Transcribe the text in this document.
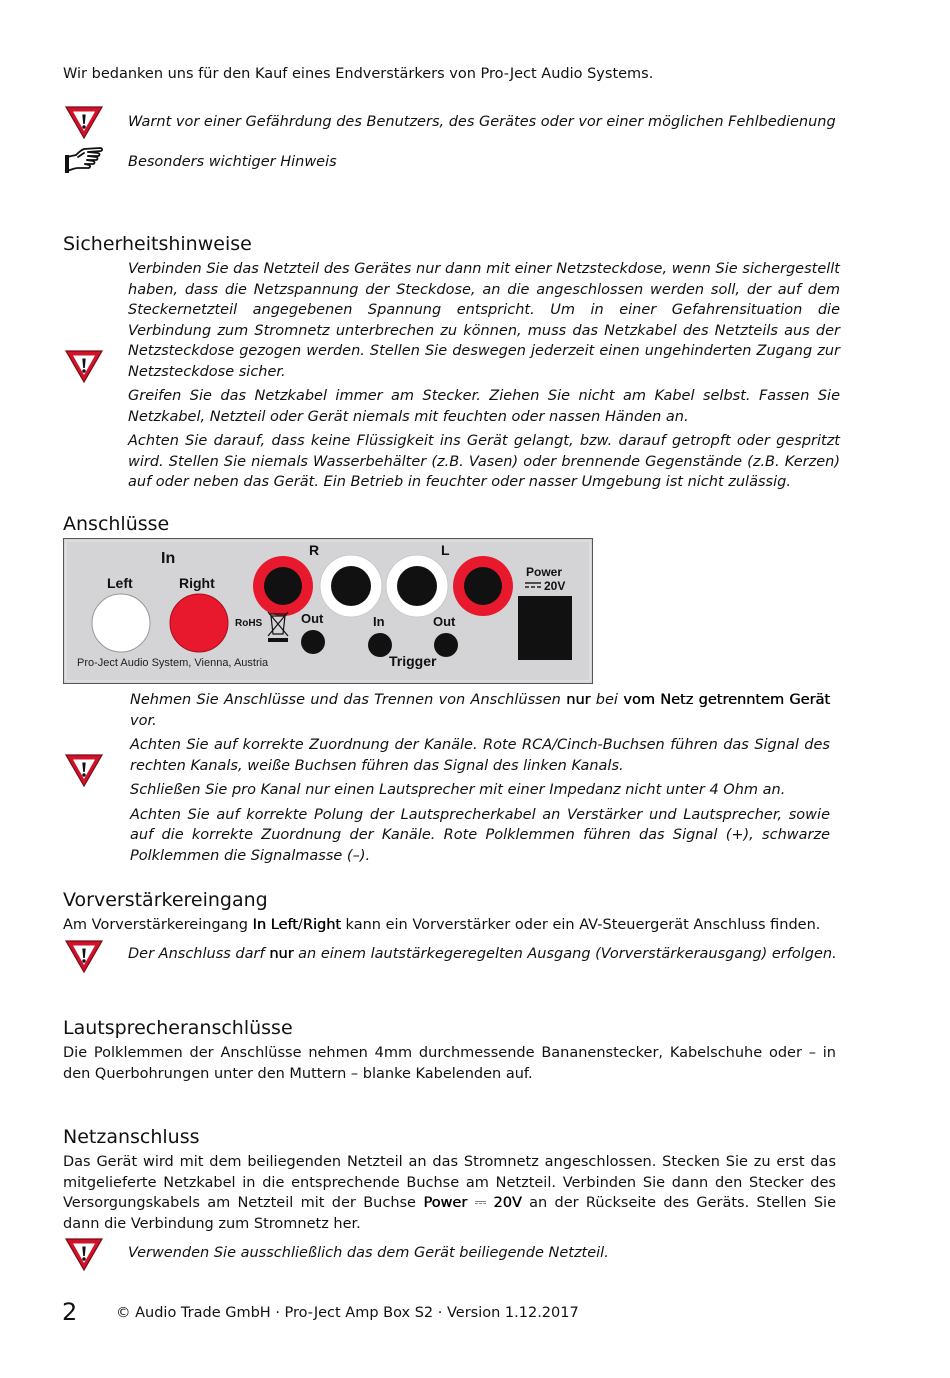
Wir bedanken uns für den Kauf eines Endverstärkers von Pro-Ject Audio Systems.

Warnt vor einer Gefährdung des Benutzers, des Gerätes oder vor einer möglichen Fehlbedienung

Besonders wichtiger Hinweis

Sicherheitshinweise

Verbinden Sie das Netzteil des Gerätes nur dann mit einer Netzsteckdose, wenn Sie sichergestellt haben, dass die Netzspannung der Steckdose, an die angeschlossen werden soll, der auf dem Steckernetzteil angegebenen Spannung entspricht. Um in einer Gefahrensituation die Verbindung zum Stromnetz unterbrechen zu können, muss das Netzkabel des Netzteils aus der Netzsteckdose gezogen werden. Stellen Sie deswegen jederzeit einen ungehinderten Zugang zur Netzsteckdose sicher.

Greifen Sie das Netzkabel immer am Stecker. Ziehen Sie nicht am Kabel selbst. Fassen Sie Netzkabel, Netzteil oder Gerät niemals mit feuchten oder nassen Händen an.

Achten Sie darauf, dass keine Flüssigkeit ins Gerät gelangt, bzw. darauf getropft oder gespritzt wird. Stellen Sie niemals Wasserbehälter (z.B. Vasen) oder brennende Gegenstände (z.B. Kerzen) auf oder neben das Gerät. Ein Betrieb in feuchter oder nasser Umgebung ist nicht zulässig.

Anschlüsse
In
Left	Right
R	L
RoHS	Out	In	Out
Trigger
Power
20V
Pro-Ject Audio System, Vienna, Austria

Nehmen Sie Anschlüsse und das Trennen von Anschlüssen nur bei vom Netz getrenntem Gerät vor.

Achten Sie auf korrekte Zuordnung der Kanäle. Rote RCA/Cinch-Buchsen führen das Signal des rechten Kanals, weiße Buchsen führen das Signal des linken Kanals.

Schließen Sie pro Kanal nur einen Lautsprecher mit einer Impedanz nicht unter 4 Ohm an.

Achten Sie auf korrekte Polung der Lautsprecherkabel an Verstärker und Lautsprecher, sowie auf die korrekte Zuordnung der Kanäle. Rote Polklemmen führen das Signal (+), schwarze Polklemmen die Signalmasse (–).

Vorverstärkereingang

Am Vorverstärkereingang In Left/Right kann ein Vorverstärker oder ein AV-Steuergerät Anschluss finden.

Der Anschluss darf nur an einem lautstärkegeregelten Ausgang (Vorverstärkerausgang) erfolgen.

Lautsprecheranschlüsse

Die Polklemmen der Anschlüsse nehmen 4mm durchmessende Bananenstecker, Kabelschuhe oder – in den Querbohrungen unter den Muttern – blanke Kabelenden auf.

Netzanschluss

Das Gerät wird mit dem beiliegenden Netzteil an das Stromnetz angeschlossen. Stecken Sie zu erst das mitgelieferte Netzkabel in die entsprechende Buchse am Netzteil. Verbinden Sie dann den Stecker des Versorgungskabels am Netzteil mit der Buchse Power ⎓ 20V an der Rückseite des Geräts. Stellen Sie dann die Verbindung zum Stromnetz her.

Verwenden Sie ausschließlich das dem Gerät beiliegende Netzteil.

2	© Audio Trade GmbH · Pro-Ject Amp Box S2 · Version 1.12.2017
